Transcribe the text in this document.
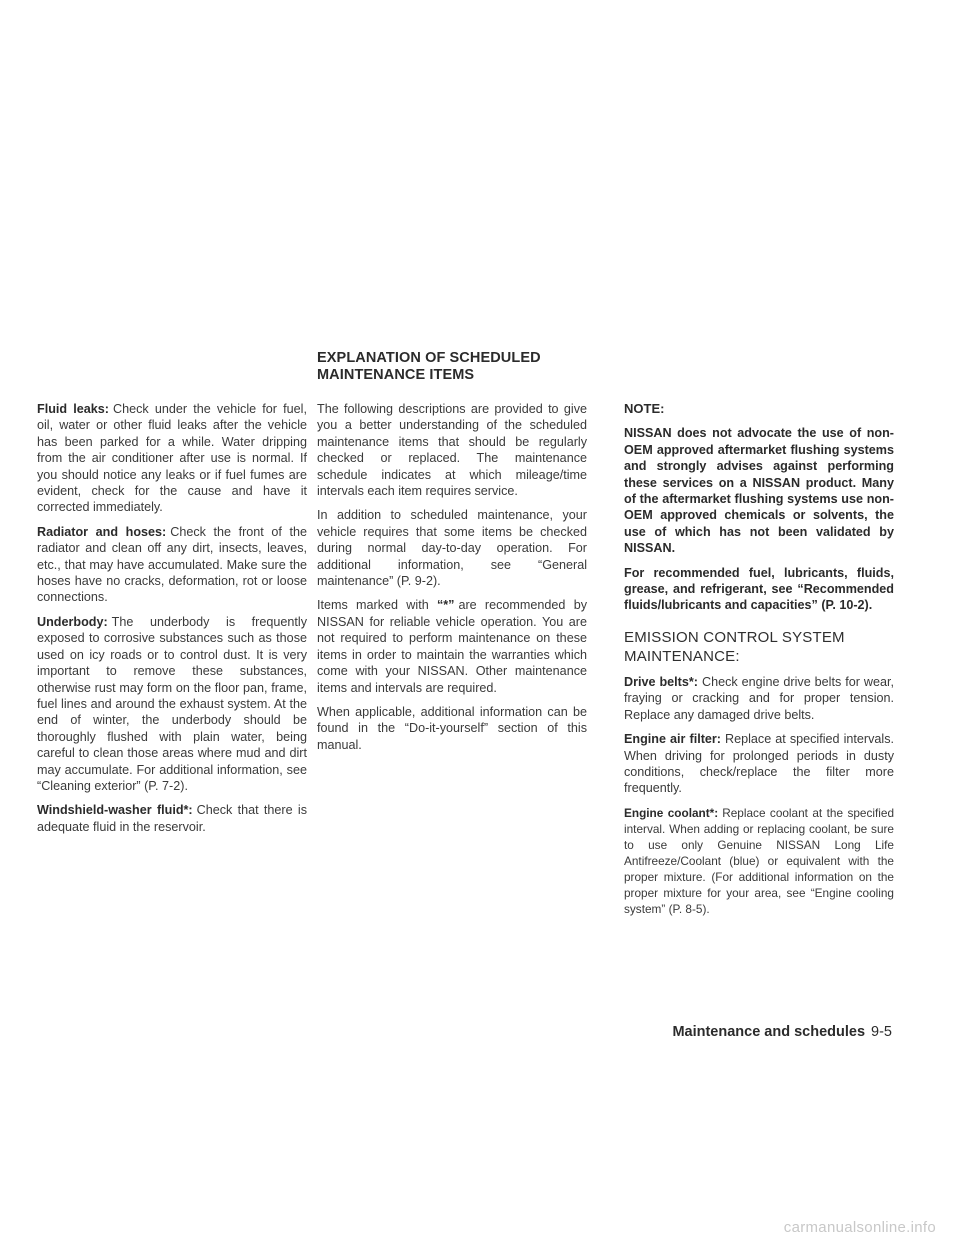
EXPLANATION OF SCHEDULED
MAINTENANCE ITEMS

Fluid leaks: Check under the vehicle for fuel, oil, water or other fluid leaks after the vehicle has been parked for a while. Water dripping from the air conditioner after use is normal. If you should notice any leaks or if fuel fumes are evident, check for the cause and have it corrected immediately.

Radiator and hoses: Check the front of the radiator and clean off any dirt, insects, leaves, etc., that may have accumulated. Make sure the hoses have no cracks, deformation, rot or loose connections.

Underbody: The underbody is frequently exposed to corrosive substances such as those used on icy roads or to control dust. It is very important to remove these substances, otherwise rust may form on the floor pan, frame, fuel lines and around the exhaust system. At the end of winter, the underbody should be thoroughly flushed with plain water, being careful to clean those areas where mud and dirt may accumulate. For additional information, see “Cleaning exterior” (P. 7-2).

Windshield-washer fluid*: Check that there is adequate fluid in the reservoir.

The following descriptions are provided to give you a better understanding of the scheduled maintenance items that should be regularly checked or replaced. The maintenance schedule indicates at which mileage/time intervals each item requires service.

In addition to scheduled maintenance, your vehicle requires that some items be checked during normal day-to-day operation. For additional information, see “General maintenance” (P. 9-2).

Items marked with “*” are recommended by NISSAN for reliable vehicle operation. You are not required to perform maintenance on these items in order to maintain the warranties which come with your NISSAN. Other maintenance items and intervals are required.

When applicable, additional information can be found in the “Do-it-yourself” section of this manual.

NOTE:

NISSAN does not advocate the use of non-OEM approved aftermarket flushing systems and strongly advises against performing these services on a NISSAN product. Many of the aftermarket flushing systems use non-OEM approved chemicals or solvents, the use of which has not been validated by NISSAN.

For recommended fuel, lubricants, fluids, grease, and refrigerant, see “Recommended fluids/lubricants and capacities” (P. 10-2).

EMISSION CONTROL SYSTEM
MAINTENANCE:

Drive belts*: Check engine drive belts for wear, fraying or cracking and for proper tension. Replace any damaged drive belts.

Engine air filter: Replace at specified intervals. When driving for prolonged periods in dusty conditions, check/replace the filter more frequently.

Engine coolant*: Replace coolant at the specified interval. When adding or replacing coolant, be sure to use only Genuine NISSAN Long Life Antifreeze/Coolant (blue) or equivalent with the proper mixture. (For additional information on the proper mixture for your area, see “Engine cooling system” (P. 8-5).

Maintenance and schedules 9-5
carmanualsonline.info
